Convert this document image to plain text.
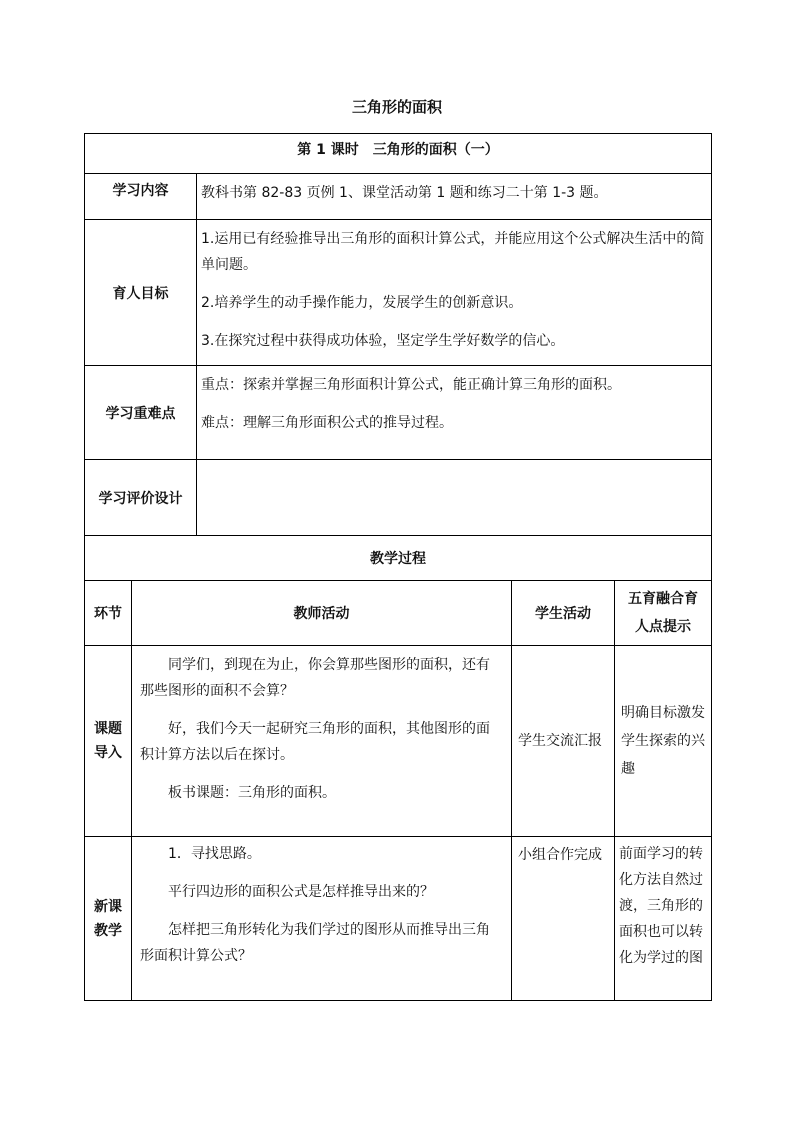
三角形的面积
第 1 课时　三角形的面积（一）				
学习内容		教科书第 82-83 页例 1、课堂活动第 1 题和练习二十第 1-3 题。		

育人目标		1.运用已有经验推导出三角形的面积计算公式，并能应用这个公式解决生活中的简单问题。

2.培养学生的动手操作能力，发展学生的创新意识。

3.在探究过程中获得成功体验，坚定学生学好数学的信心。		

学习重难点		重点：探索并掌握三角形面积计算公式，能正确计算三角形的面积。

难点：理解三角形面积公式的推导过程。		

学习评价设计				
教学过程				
环节	教师活动		学生活动	五育融合育人点提示
课题导入	同学们，到现在为止，你会算那些图形的面积，还有那些图形的面积不会算？

好，我们今天一起研究三角形的面积，其他图形的面积计算方法以后在探讨。

板书课题：三角形的面积。		学生交流汇报	明确目标激发学生探索的兴趣
新课教学	1．寻找思路。

平行四边形的面积公式是怎样推导出来的？

怎样把三角形转化为我们学过的图形从而推导出三角形面积计算公式？		小组合作完成	前面学习的转化方法自然过渡，三角形的面积也可以转化为学过的图
